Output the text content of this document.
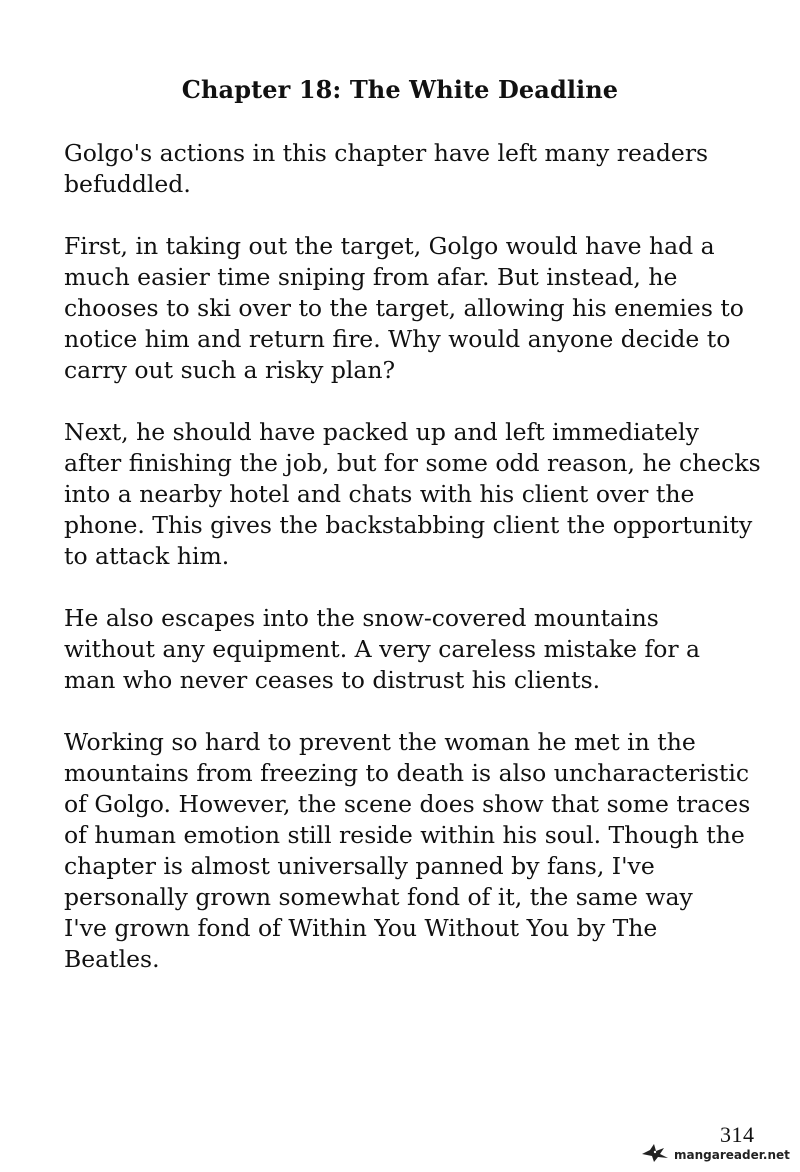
Chapter 18: The White Deadline

Golgo's actions in this chapter have left many readers
befuddled.

First, in taking out the target, Golgo would have had a
much easier time sniping from afar. But instead, he
chooses to ski over to the target, allowing his enemies to
notice him and return fire. Why would anyone decide to
carry out such a risky plan?

Next, he should have packed up and left immediately
after finishing the job, but for some odd reason, he checks
into a nearby hotel and chats with his client over the
phone. This gives the backstabbing client the opportunity
to attack him.

He also escapes into the snow-covered mountains
without any equipment. A very careless mistake for a
man who never ceases to distrust his clients.

Working so hard to prevent the woman he met in the
mountains from freezing to death is also uncharacteristic
of Golgo. However, the scene does show that some traces
of human emotion still reside within his soul. Though the
chapter is almost universally panned by fans, I've
personally grown somewhat fond of it, the same way
I've grown fond of Within You Without You by The
Beatles.

314
mangareader.net
